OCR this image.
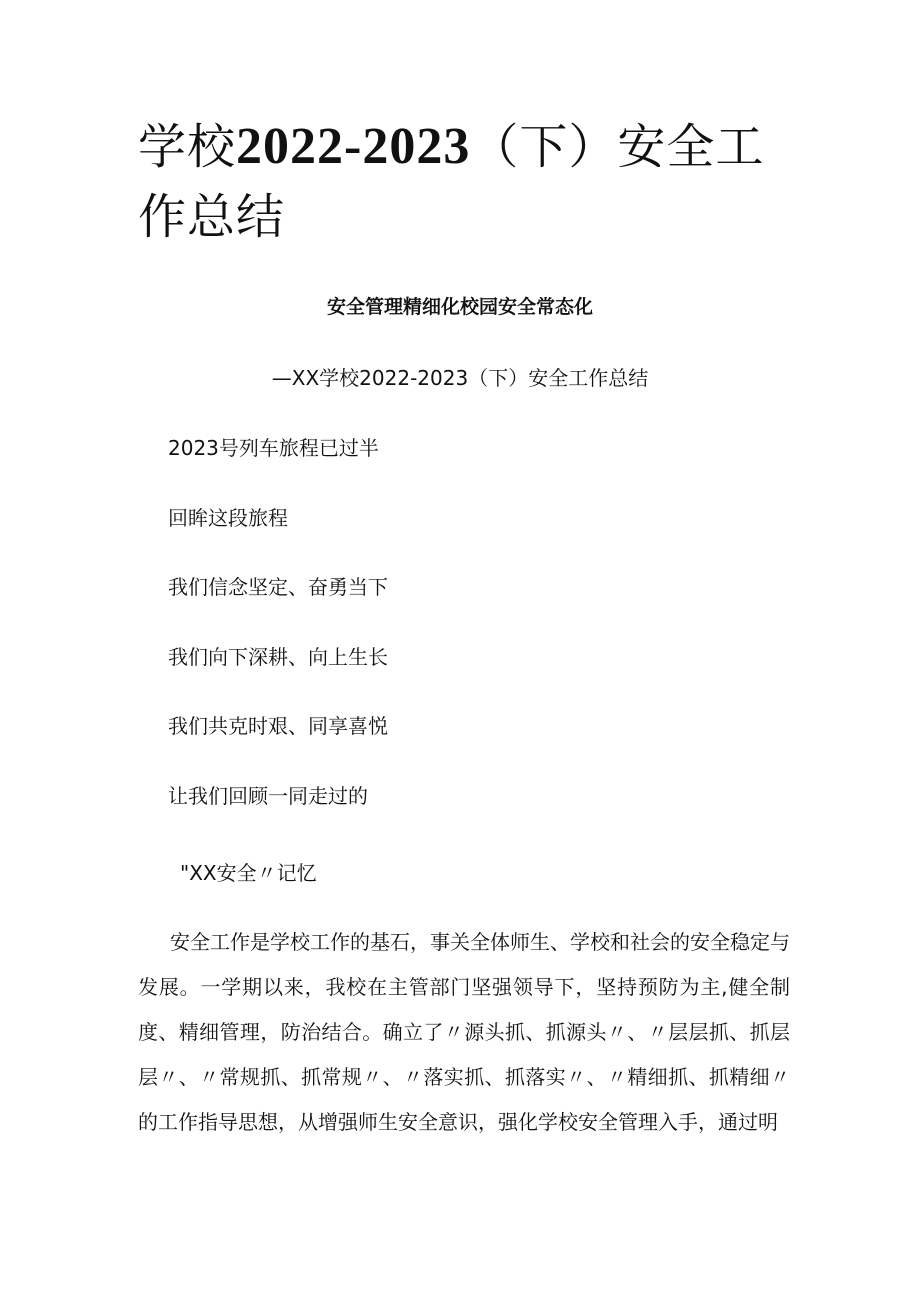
学校2022-2023（下）安全工作总结
安全管理精细化校园安全常态化
—XX学校2022-2023（下）安全工作总结
2023号列车旅程已过半
回眸这段旅程
我们信念坚定、奋勇当下
我们向下深耕、向上生长
我们共克时艰、同享喜悦
让我们回顾一同走过的
"XX安全〃记忆
安全工作是学校工作的基石，事关全体师生、学校和社会的安全稳定与发展。一学期以来，我校在主管部门坚强领导下，坚持预防为主,健全制度、精细管理，防治结合。确立了〃源头抓、抓源头〃、〃层层抓、抓层层〃、〃常规抓、抓常规〃、〃落实抓、抓落实〃、〃精细抓、抓精细〃的工作指导思想，从增强师生安全意识，强化学校安全管理入手，通过明
